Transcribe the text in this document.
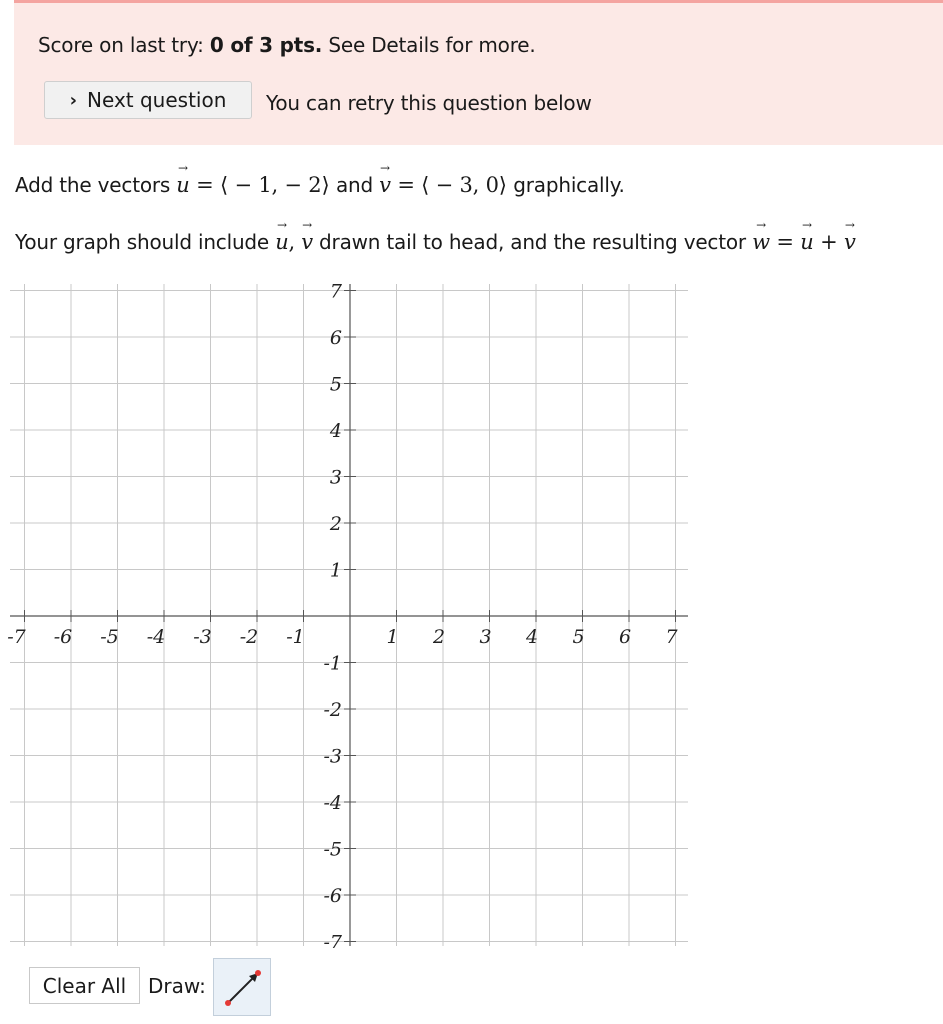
Score on last try: 0 of 3 pts. See Details for more.
› Next question You can retry this question below
Add the vectors → u = ⟨ − 1, − 2⟩ and → v = ⟨ − 3, 0⟩ graphically.
Your graph should include → u, → v drawn tail to head, and the resulting vector → w = → u + → v
-7 -6 -5 -4 -3 -2 -1	1 2 3 4 5 6 7
7
6
5
4
3
2
1
-1
-2
-3
-4
-5
-6
-7
Clear All	Draw:
